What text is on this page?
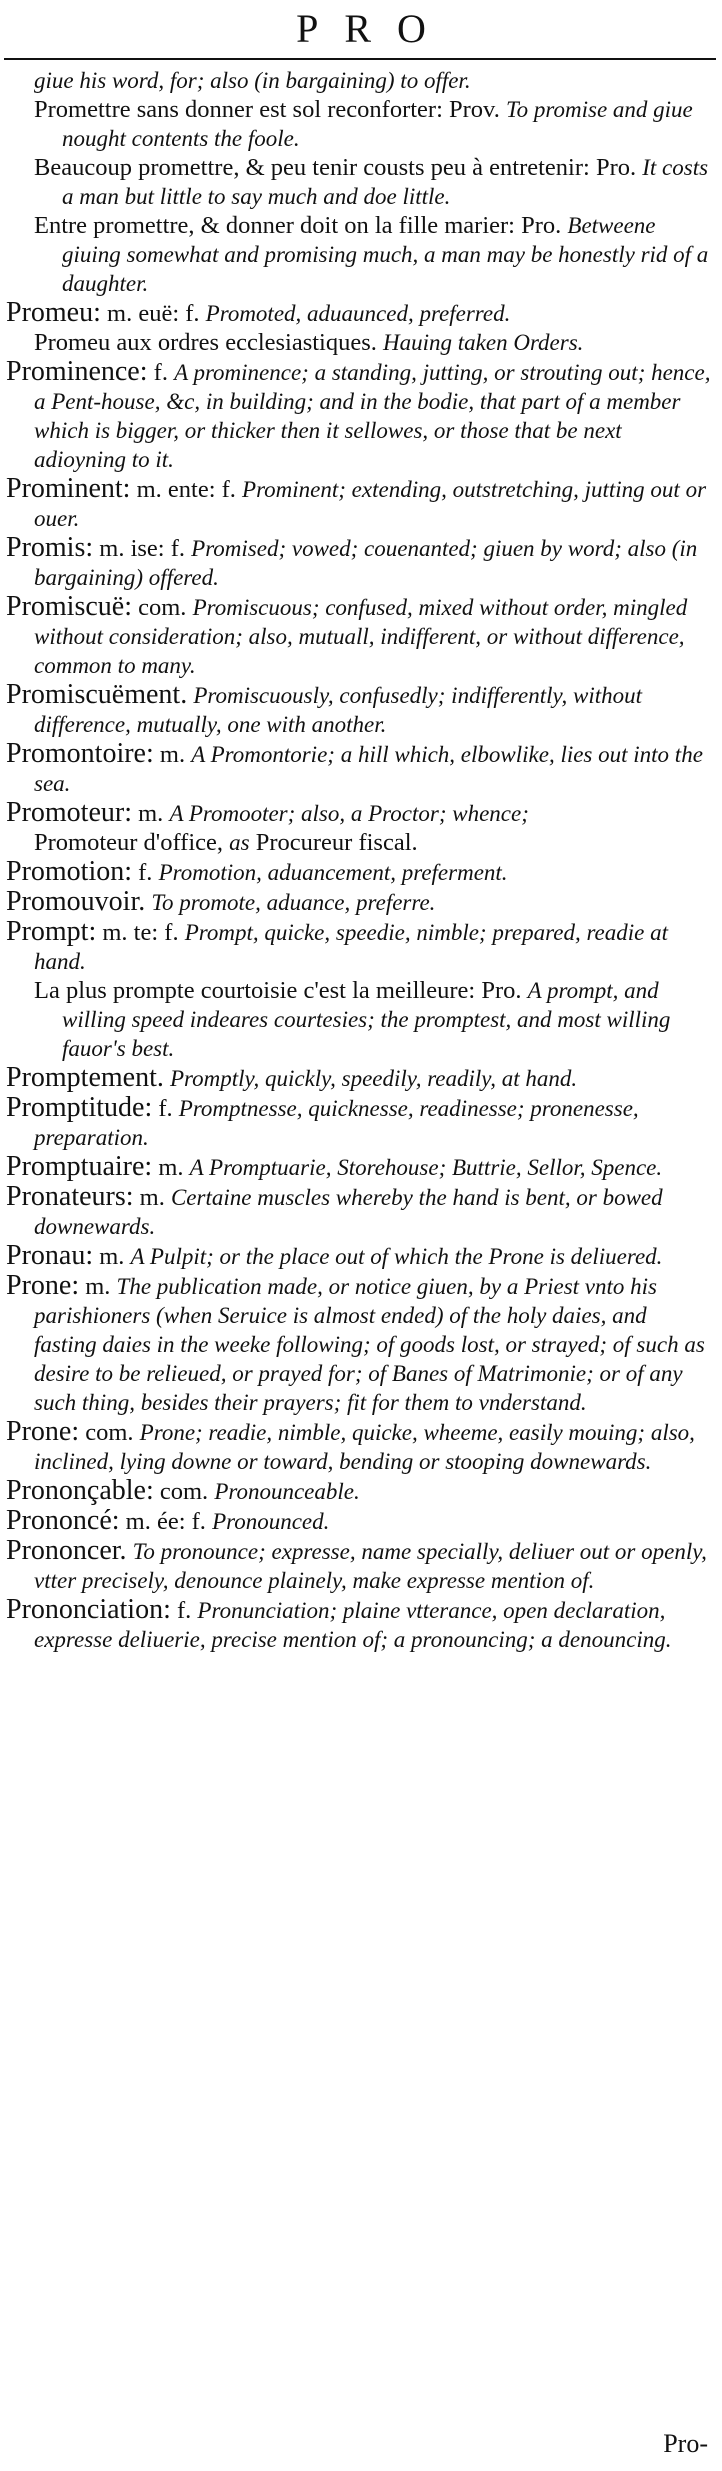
PRO

giue his word, for; also (in bargaining) to offer.

Promettre sans donner est sol reconforter: Prov. To promise and giue nought contents the foole.

Beaucoup promettre, & peu tenir cousts peu à entretenir: Pro. It costs a man but little to say much and doe little.

Entre promettre, & donner doit on la fille marier: Pro. Betweene giuing somewhat and promising much, a man may be honestly rid of a daughter.

Promeu: m. euë: f. Promoted, aduaunced, preferred.

Promeu aux ordres ecclesiastiques. Hauing taken Orders.

Prominence: f. A prominence; a standing, jutting, or strouting out; hence, a Pent-house, &c, in building; and in the bodie, that part of a member which is bigger, or thicker then it sellowes, or those that be next adioyning to it.

Prominent: m. ente: f. Prominent; extending, outstretching, jutting out or ouer.

Promis: m. ise: f. Promised; vowed; couenanted; giuen by word; also (in bargaining) offered.

Promiscuë: com. Promiscuous; confused, mixed without order, mingled without consideration; also, mutuall, indifferent, or without difference, common to many.

Promiscuëment. Promiscuously, confusedly; indifferently, without difference, mutually, one with another.

Promontoire: m. A Promontorie; a hill which, elbowlike, lies out into the sea.

Promoteur: m. A Promooter; also, a Proctor; whence;

Promoteur d'office, as Procureur fiscal.

Promotion: f. Promotion, aduancement, preferment.

Promouvoir. To promote, aduance, preferre.

Prompt: m. te: f. Prompt, quicke, speedie, nimble; prepared, readie at hand.

La plus prompte courtoisie c'est la meilleure: Pro. A prompt, and willing speed indeares courtesies; the promptest, and most willing fauor's best.

Promptement. Promptly, quickly, speedily, readily, at hand.

Promptitude: f. Promptnesse, quicknesse, readinesse; pronenesse, preparation.

Promptuaire: m. A Promptuarie, Storehouse; Buttrie, Sellor, Spence.

Pronateurs: m. Certaine muscles whereby the hand is bent, or bowed downewards.

Pronau: m. A Pulpit; or the place out of which the Prone is deliuered.

Prone: m. The publication made, or notice giuen, by a Priest vnto his parishioners (when Seruice is almost ended) of the holy daies, and fasting daies in the weeke following; of goods lost, or strayed; of such as desire to be relieued, or prayed for; of Banes of Matrimonie; or of any such thing, besides their prayers; fit for them to vnderstand.

Prone: com. Prone; readie, nimble, quicke, wheeme, easily mouing; also, inclined, lying downe or toward, bending or stooping downewards.

Prononçable: com. Pronounceable.

Prononcé: m. ée: f. Pronounced.

Prononcer. To pronounce; expresse, name specially, deliuer out or openly, vtter precisely, denounce plainely, make expresse mention of.

Prononciation: f. Pronunciation; plaine vtterance, open declaration, expresse deliuerie, precise mention of; a pronouncing; a denouncing.

Pro-
